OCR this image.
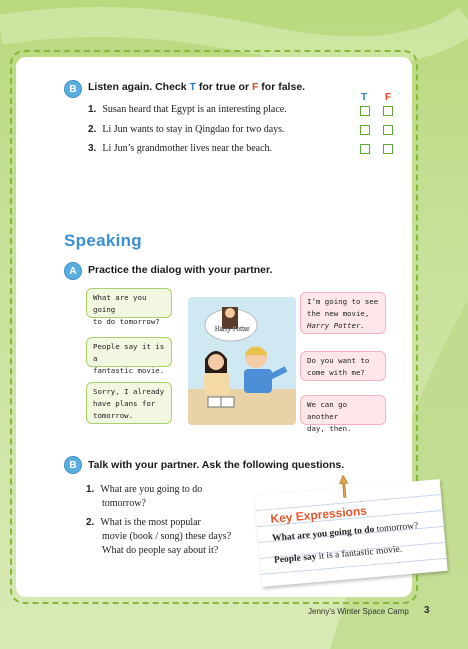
B	Listen again. Check T for true or F for false.
T F
1. Susan heard that Egypt is an interesting place.
2. Li Jun wants to stay in Qingdao for two days.
3. Li Jun’s grandmother lives near the beach.
Speaking
A	Practice the dialog with your partner.
What are you going
to do tomorrow?
People say it is a
fantastic movie.
Sorry, I already
have plans for
tomorrow.
I’m going to see
the new movie,
Harry Potter.
Do you want to
come with me?
We can go another
day, then.
Harry Potter
B	Talk with your partner. Ask the following questions.
1. What are you going to do
tomorrow?
2. What is the most popular
movie (book / song) these days?
What do people say about it?
Key Expressions
What are you going to do tomorrow?
People say it is a fantastic movie.
Jenny’s Winter Space Camp 3
